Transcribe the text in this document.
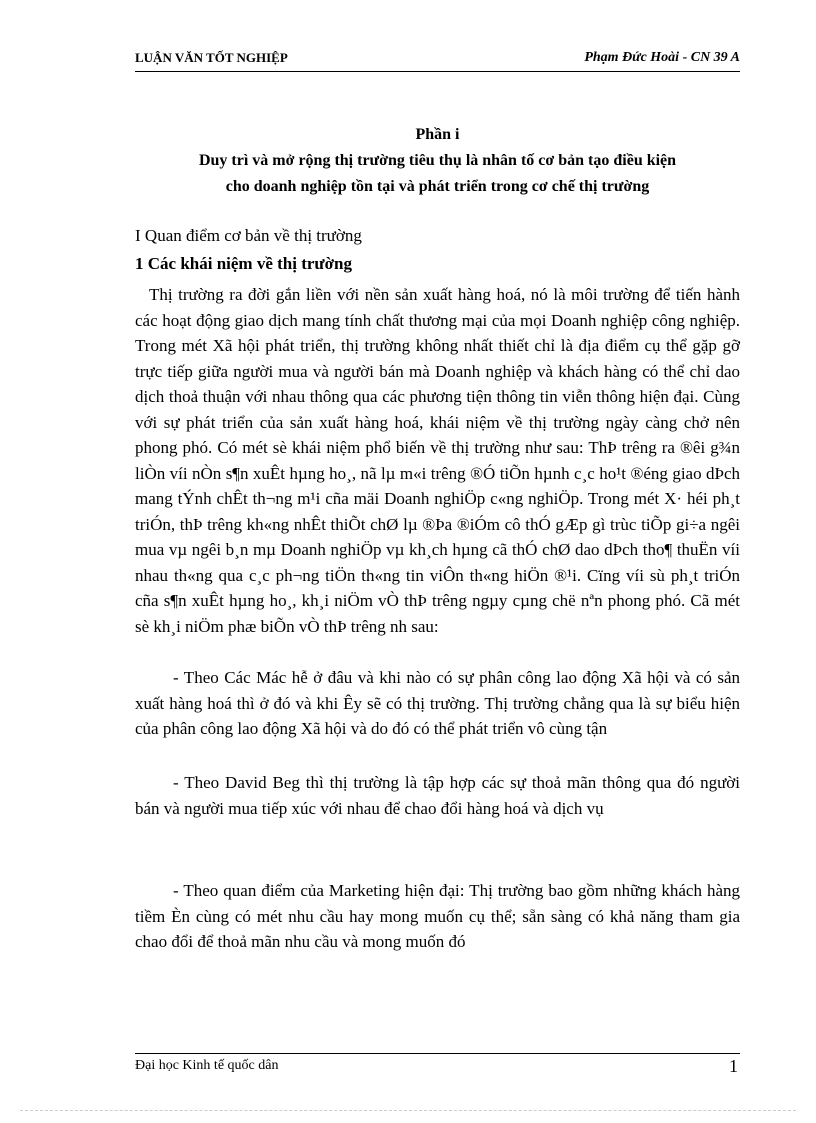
LUẬN VĂN TỐT NGHIỆP	Phạm Đức Hoài - CN 39 A
Phần i
Duy trì và mở rộng thị trường tiêu thụ là nhân tố cơ bản tạo điều kiện
cho doanh nghiệp tồn tại và phát triển trong cơ chế thị trường
I Quan điểm cơ bản về thị trường
1 Các khái niệm về thị trường
Thị trường ra đời gắn liền với nền sản xuất hàng hoá, nó là môi trường để tiến hành các hoạt động giao dịch mang tính chất thương mại của mọi Doanh nghiệp công nghiệp. Trong mét Xã hội phát triển, thị trường không nhất thiết chỉ là địa điểm cụ thể gặp gỡ trực tiếp giữa người mua và người bán mà Doanh nghiệp và khách hàng có thể chỉ dao dịch thoả thuận với nhau thông qua các phương tiện thông tin viễn thông hiện đại. Cùng với sự phát triển của sản xuất hàng hoá, khái niệm về thị trường ngày càng chở nên phong phó. Có mét sè khái niệm phổ biến về thị trường như sau: ThÞ trêng ra ®êi g¾n liÒn víi nÒn s¶n xuÊt hµng ho¸, nã lµ m«i trêng ®Ó tiÕn hµnh c¸c ho¹t ®éng giao dÞch mang tÝnh chÊt th¬ng m¹i cña mäi Doanh nghiÖp c«ng nghiÖp. Trong mét X· héi ph¸t triÓn, thÞ trêng kh«ng nhÊt thiÕt chØ lµ ®Þa ®iÓm cô thÓ gÆp gì trùc tiÕp gi÷a ngêi mua vµ ngêi b¸n mµ Doanh nghiÖp vµ kh¸ch hµng cã thÓ chØ dao dÞch tho¶ thuËn víi nhau th«ng qua c¸c ph¬ng tiÖn th«ng tin viÔn th«ng hiÖn ®¹i. Cïng víi sù ph¸t triÓn cña s¶n xuÊt hµng ho¸, kh¸i niÖm vÒ thÞ trêng ngµy cµng chë nªn phong phó. Cã mét sè kh¸i niÖm phæ biÕn vÒ thÞ trêng nh sau:
- Theo Các Mác hễ ở đâu và khi nào có sự phân công lao động Xã hội và có sản xuất hàng hoá thì ở đó và khi Êy sẽ có thị trường. Thị trường chẳng qua là sự biểu hiện của phân công lao động Xã hội và do đó có thể phát triển vô cùng tận
- Theo David Beg thì thị trường là tập hợp các sự thoả mãn thông qua đó người bán và người mua tiếp xúc với nhau để chao đổi hàng hoá và dịch vụ
- Theo quan điểm của Marketing hiện đại: Thị trường bao gồm những khách hàng tiềm Èn cùng có mét nhu cầu hay mong muốn cụ thể; sẵn sàng có khả năng tham gia chao đổi để thoả mãn nhu cầu và mong muốn đó
Đại học Kinh tế quốc dân	1
